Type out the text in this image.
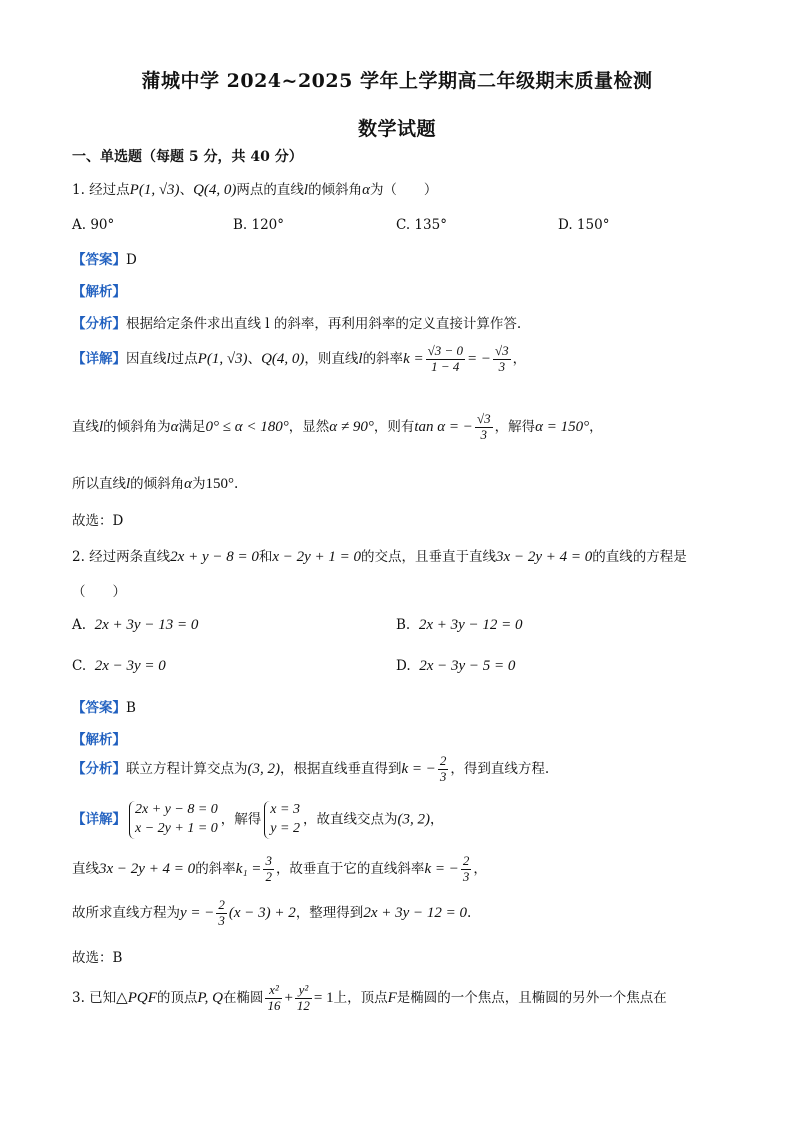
蒲城中学 2024~2025 学年上学期高二年级期末质量检测
数学试题
一、单选题（每题 5 分，共 40 分）
1. 经过点P(1, √3)、Q(4, 0)两点的直线l的倾斜角α为（　　）
A. 90°	B. 120°	C. 135°	D. 150°
【答案】D
【解析】
【分析】根据给定条件求出直线 l 的斜率，再利用斜率的定义直接计算作答.
【详解】因直线l过点P(1, √3)、Q(4, 0)，则直线l的斜率$k = \frac{√3 - 0}{1 - 4}$ = − $\frac{√3}{3}$ ，
直线l的倾斜角为α满足0° ≤ α < 180°，显然α ≠ 90°，则有tan α = − $\frac{√3}{3}$ ，解得α = 150°，
所以直线l的倾斜角α为150°.
故选：D
2. 经过两条直线2x + y − 8 = 0和x − 2y + 1 = 0的交点，且垂直于直线3x − 2y + 4 = 0的直线的方程是
（　　）
A. 2x + 3y − 13 = 0	B. 2x + 3y − 12 = 0
C. 2x − 3y = 0	D. 2x − 3y − 5 = 0
【答案】B
【解析】
【分析】联立方程计算交点为(3, 2)，根据直线垂直得到k = − $\frac{2}{3}$ ，得到直线方程.
【详解】
2x + y − 8 = 0
x − 2y + 1 = 0
，解得
x = 3
y = 2
，故直线交点为(3, 2)，
直线3x − 2y + 4 = 0的斜率$k_1 = \frac{3}{2}$ ，故垂直于它的直线斜率k = − $\frac{2}{3}$ ，
故所求直线方程为y = − $\frac{2}{3} (x - 3) + 2$，整理得到2x + 3y − 12 = 0.
故选：B
3. 已知△PQF的顶点P, Q在椭圆 $\frac{\text{x²}}{16} + \frac{\text{y²}}{12} = 1$上，顶点F是椭圆的一个焦点，且椭圆的另外一个焦点在
